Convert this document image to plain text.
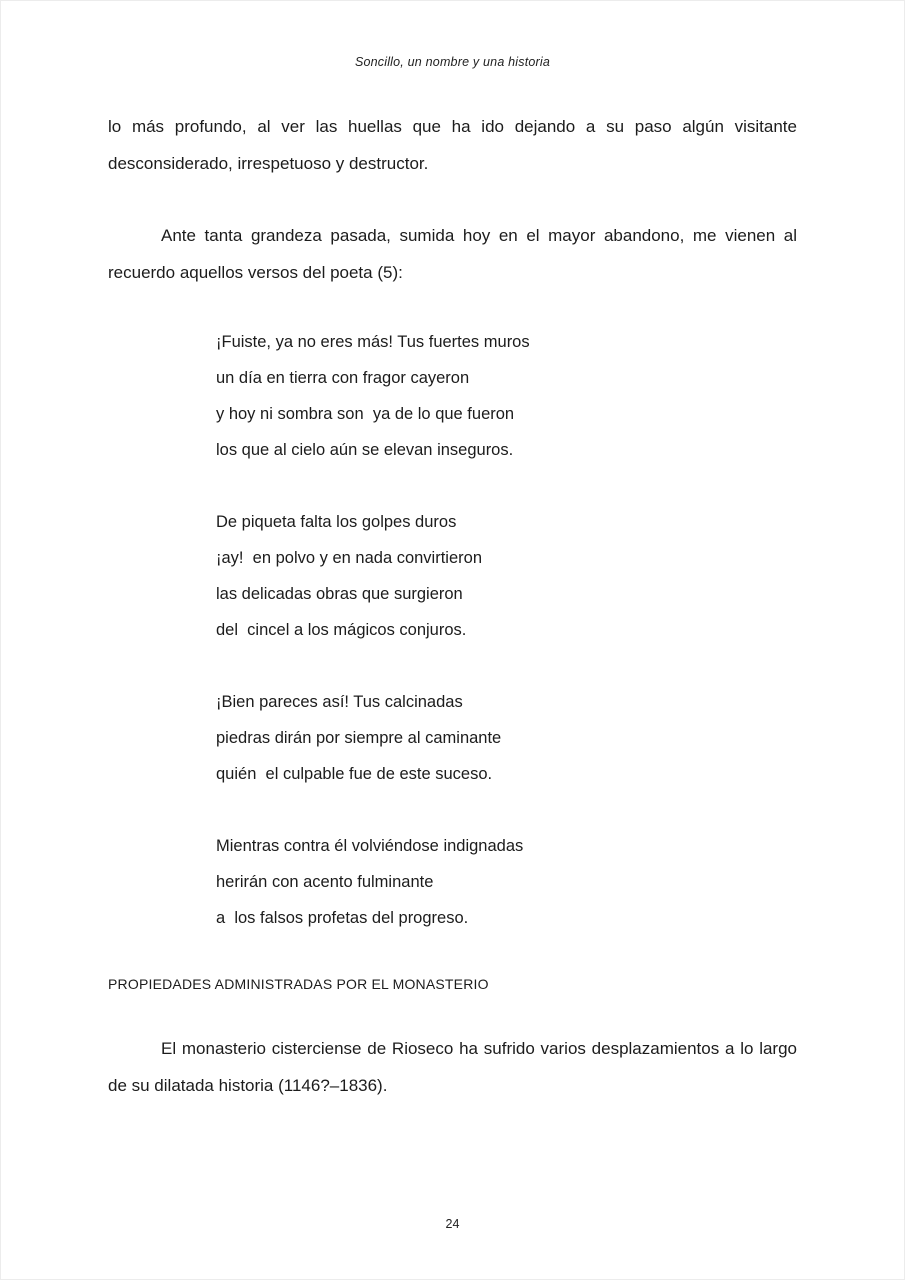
Soncillo, un nombre y una historia

lo más profundo, al ver las huellas que ha ido dejando a su paso algún visitante desconsiderado, irrespetuoso y destructor.

Ante tanta grandeza pasada, sumida hoy en el mayor abandono, me vienen al recuerdo aquellos versos del poeta (5):

¡Fuiste, ya no eres más! Tus fuertes muros

un día en tierra con fragor cayeron

y hoy ni sombra son  ya de lo que fueron

los que al cielo aún se elevan inseguros.

De piqueta falta los golpes duros

¡ay!  en polvo y en nada convirtieron

las delicadas obras que surgieron

del  cincel a los mágicos conjuros.

¡Bien pareces así! Tus calcinadas

piedras dirán por siempre al caminante

quién  el culpable fue de este suceso.

Mientras contra él volviéndose indignadas

herirán con acento fulminante

a  los falsos profetas del progreso.

PROPIEDADES ADMINISTRADAS POR EL MONASTERIO

El monasterio cisterciense de Rioseco ha sufrido varios desplazamientos a lo largo de su dilatada historia (1146?–1836).

24
